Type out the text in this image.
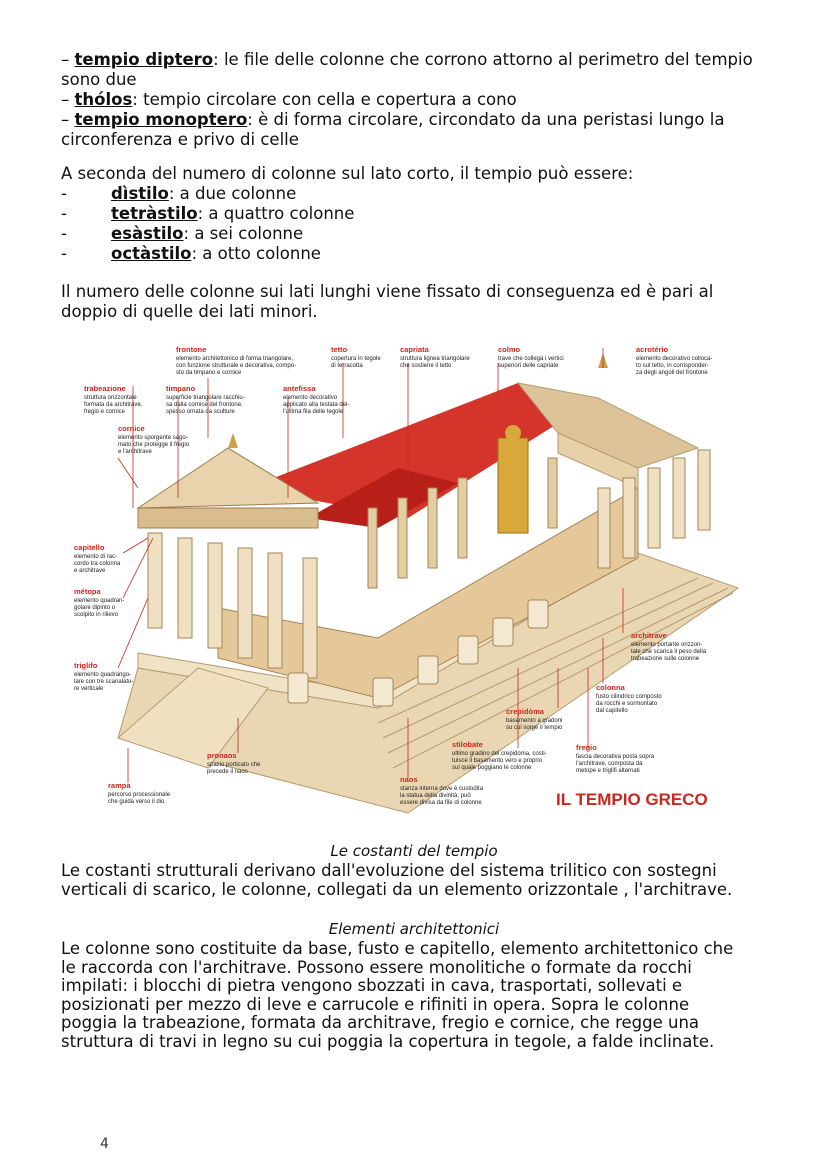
– tempio diptero: le file delle colonne che corrono attorno al perimetro del tempio
sono due
– thólos: tempio circolare con cella e copertura a cono
– tempio monoptero: è di forma circolare, circondato da una peristasi lungo la
circonferenza e privo di celle
A seconda del numero di colonne sul lato corto, il tempio può essere:
-	dìstilo: a due colonne
-	tetràstilo: a quattro colonne
-	esàstilo: a sei colonne
-	octàstilo: a otto colonne
Il numero delle colonne sui lati lunghi viene fissato di conseguenza ed è pari al
doppio di quelle dei lati minori.
frontone
elemento architettonico di forma triangolare,
con funzione strutturale e decorativa, compo-
sto da timpano e cornice
tetto
copertura in tegole
di terracotta
capriata
struttura lignea triangolare
che sostiene il tetto
colmo
trave che collega i vertici
superiori delle capriate
acrotério
elemento decorativo colloca-
to sul tetto, in corrisponder-
za degli angoli del frontone
trabeazione
struttura orizzontale
formata da architrave,
fregio e cornice
timpano
superficie triangolare racchiu-
sa dalla cornice del frontone,
spesso ornata da sculture
antefissa
elemento decorativo
applicato alla testata del-
l'ultima fila delle tegole
cornice
elemento sporgente sago-
mato che protegge il fregio
e l'architrave
capitello
elemento di rac-
cordo tra colonna
e architrave
métopa
elemento quadran-
golare dipinto o
scolpito in rilievo
triglifo
elemento quadrango-
lare con tre scanalatu-
re verticale
architrave
elemento portante orizzon-
tale che scarica il peso della
trabeazione sulle colonne
colonna
fusto cilindrico composto
da rocchi e sormontato
dal capitello
crepidòma
basamento a gradoni
su cui sorge il tempio
stilobate
ultimo gradino del crepidoma, costi-
tuisce il basamento vero e proprio
sul quale poggiano le colonne
fregio
fascia decorativa posta sopra
l'architrave, composta da
metope e triglifi alternati
pronaos
spazio porticato che
precede il naos
rampa
percorso processionale
che guida verso il dio
naos
stanza interna dove è custodita
la statua della divinità; può
essere divisa da file di colonne	IL TEMPIO GRECO
Le costanti del tempio
Le costanti strutturali derivano dall'evoluzione del sistema trilitico con sostegni
verticali di scarico, le colonne, collegati da un elemento orizzontale , l'architrave.
Elementi architettonici
Le colonne sono costituite da base, fusto e capitello, elemento architettonico che
le raccorda con l'architrave. Possono essere monolitiche o formate da rocchi
impilati: i blocchi di pietra vengono sbozzati in cava, trasportati, sollevati e
posizionati per mezzo di leve e carrucole e rifiniti in opera. Sopra le colonne
poggia la trabeazione, formata da architrave, fregio e cornice, che regge una
struttura di travi in legno su cui poggia la copertura in tegole, a falde inclinate.
4
